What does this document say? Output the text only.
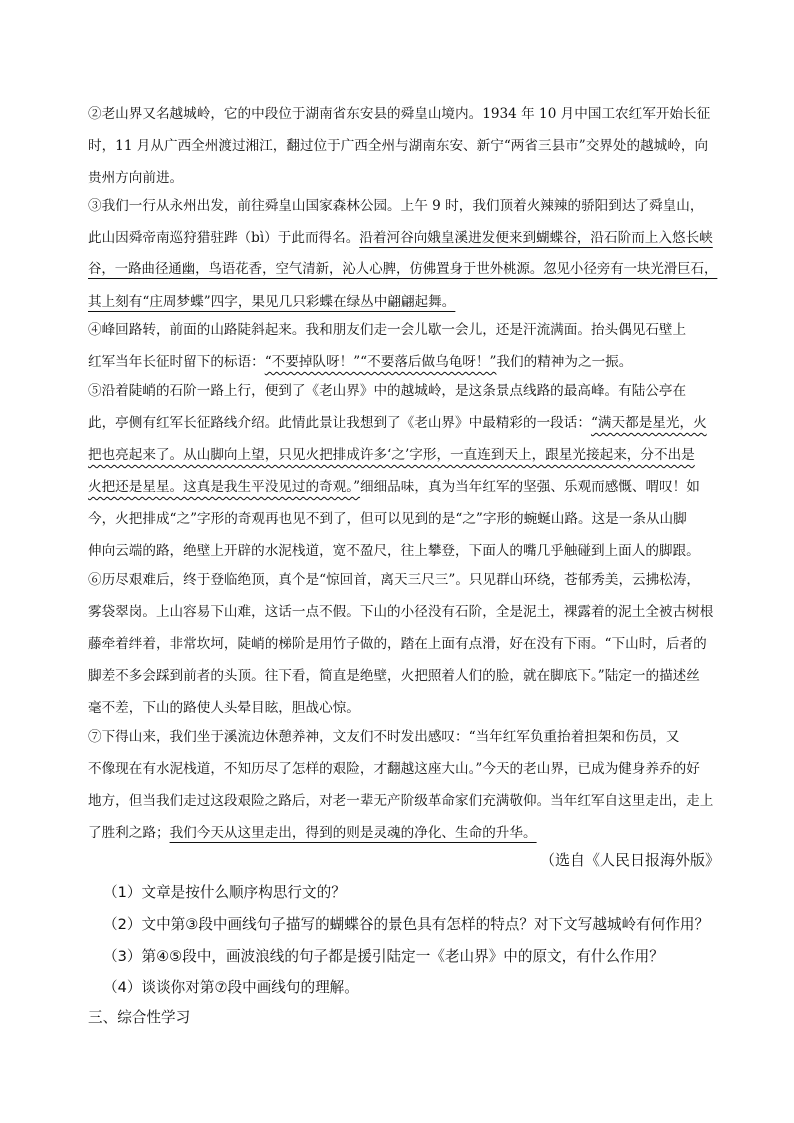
②老山界又名越城岭，它的中段位于湖南省东安县的舜皇山境内。1934 年 10 月中国工农红军开始长征
时，11 月从广西全州渡过湘江，翻过位于广西全州与湖南东安、新宁“两省三县市”交界处的越城岭，向
贵州方向前进。
③我们一行从永州出发，前往舜皇山国家森林公园。上午 9 时，我们顶着火辣辣的骄阳到达了舜皇山，
此山因舜帝南巡狩猎驻跸（bì）于此而得名。沿着河谷向娥皇溪进发便来到蝴蝶谷，沿石阶而上入悠长峡
谷，一路曲径通幽，鸟语花香，空气清新，沁人心脾，仿佛置身于世外桃源。忽见小径旁有一块光滑巨石，
其上刻有“庄周梦蝶”四字，果见几只彩蝶在绿丛中翩翩起舞。
④峰回路转，前面的山路陡斜起来。我和朋友们走一会儿歇一会儿，还是汗流满面。抬头偶见石壁上
红军当年长征时留下的标语：“不要掉队呀！”“不要落后做乌龟呀！”我们的精神为之一振。
⑤沿着陡峭的石阶一路上行，便到了《老山界》中的越城岭，是这条景点线路的最高峰。有陆公亭在
此，亭侧有红军长征路线介绍。此情此景让我想到了《老山界》中最精彩的一段话：“满天都是星光，火
把也亮起来了。从山脚向上望，只见火把排成许多‘之’字形，一直连到天上，跟星光接起来，分不出是
火把还是星星。这真是我生平没见过的奇观。”细细品味，真为当年红军的坚强、乐观而感慨、喟叹！如
今，火把排成“之”字形的奇观再也见不到了，但可以见到的是“之”字形的蜿蜒山路。这是一条从山脚
伸向云端的路，绝壁上开辟的水泥栈道，宽不盈尺，往上攀登，下面人的嘴几乎触碰到上面人的脚跟。
⑥历尽艰难后，终于登临绝顶，真个是“惊回首，离天三尺三”。只见群山环绕，苍郁秀美，云拂松涛，
雾袋翠岗。上山容易下山难，这话一点不假。下山的小径没有石阶，全是泥土，裸露着的泥土全被古树根
藤牵着绊着，非常坎坷，陡峭的梯阶是用竹子做的，踏在上面有点滑，好在没有下雨。“下山时，后者的
脚差不多会踩到前者的头顶。往下看，简直是绝壁，火把照着人们的脸，就在脚底下。”陆定一的描述丝
毫不差，下山的路使人头晕目眩，胆战心惊。
⑦下得山来，我们坐于溪流边休憩养神，文友们不时发出感叹：“当年红军负重抬着担架和伤员，又
不像现在有水泥栈道，不知历尽了怎样的艰险，才翻越这座大山。”今天的老山界，已成为健身养乔的好
地方，但当我们走过这段艰险之路后，对老一辈无产阶级革命家们充满敬仰。当年红军自这里走出，走上
了胜利之路；我们今天从这里走出，得到的则是灵魂的净化、生命的升华。
（选自《人民日报海外版》
（1）文章是按什么顺序构思行文的？
（2）文中第③段中画线句子描写的蝴蝶谷的景色具有怎样的特点？对下文写越城岭有何作用？
（3）第④⑤段中，画波浪线的句子都是援引陆定一《老山界》中的原文，有什么作用？
（4）谈谈你对第⑦段中画线句的理解。
三、综合性学习
